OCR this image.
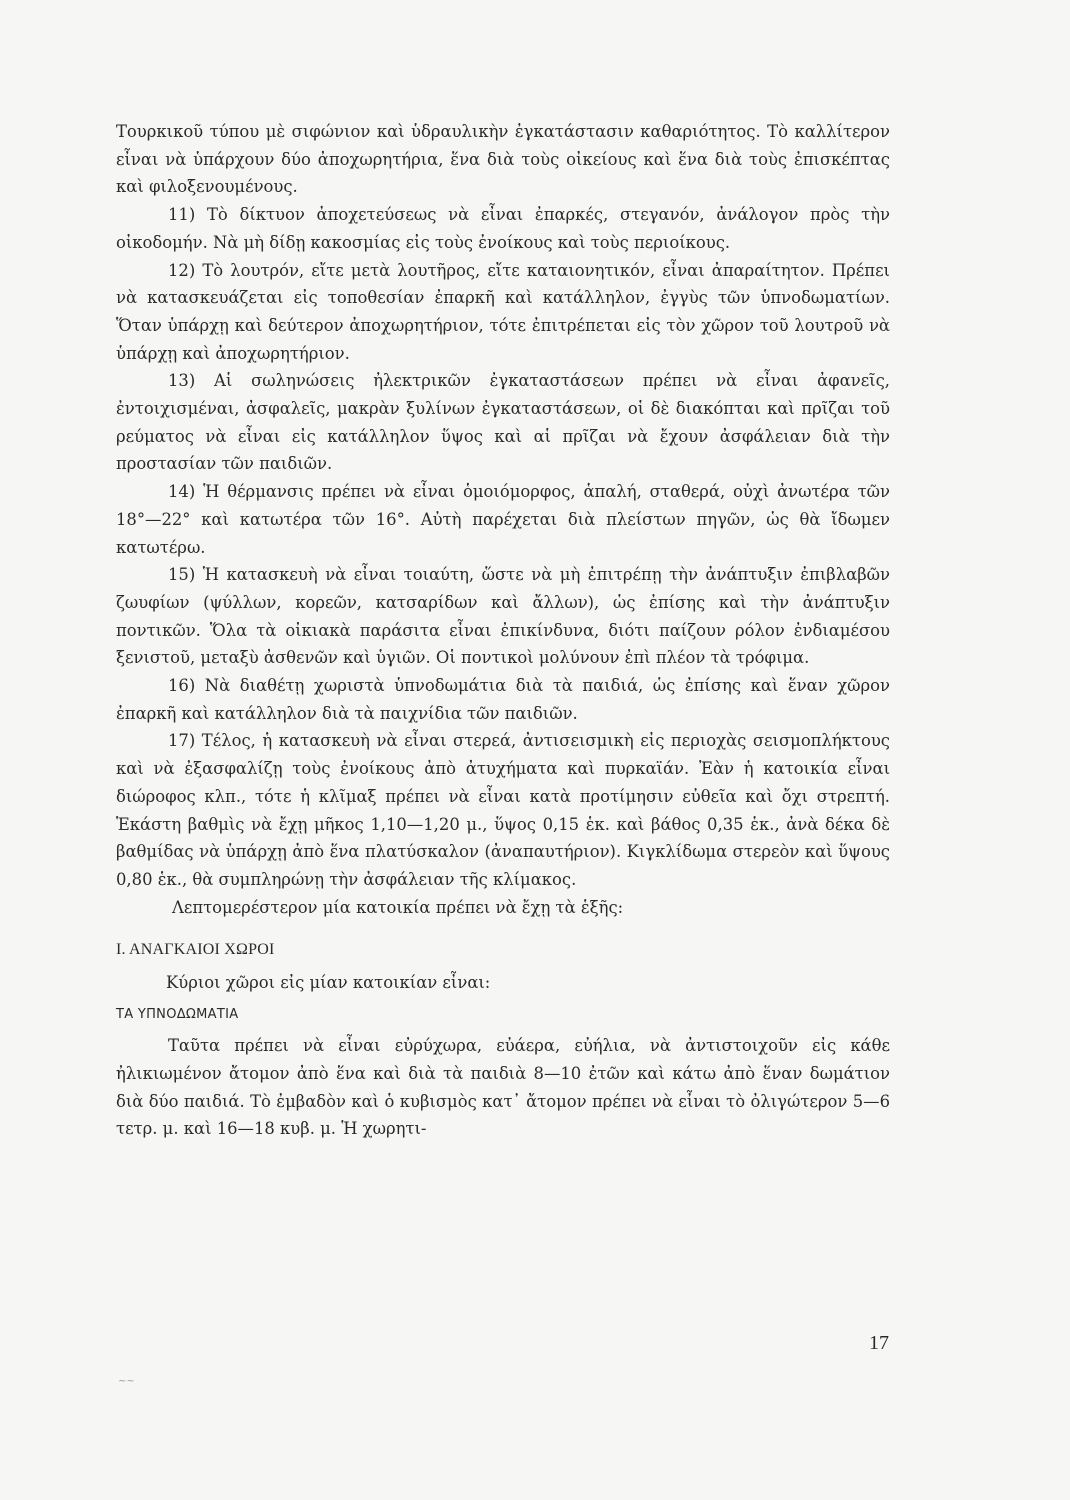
Τουρκικοῦ τύπου μὲ σιφώνιον καὶ ὑδραυλικὴν ἐγκατάστασιν καθαριότητος. Τὸ καλλίτερον εἶναι νὰ ὑπάρχουν δύο ἀποχωρητήρια, ἕνα διὰ τοὺς οἰκείους καὶ ἕνα διὰ τοὺς ἐπισκέπτας καὶ φιλοξενουμένους.

11) Τὸ δίκτυον ἀποχετεύσεως νὰ εἶναι ἐπαρκές, στεγανόν, ἀνάλογον πρὸς τὴν οἰκοδομήν. Νὰ μὴ δίδῃ κακοσμίας εἰς τοὺς ἐνοίκους καὶ τοὺς περιοίκους.

12) Τὸ λουτρόν, εἴτε μετὰ λουτῆρος, εἴτε καταιονητικόν, εἶναι ἀπαραίτητον. Πρέπει νὰ κατασκευάζεται εἰς τοποθεσίαν ἐπαρκῆ καὶ κατάλληλον, ἐγγὺς τῶν ὑπνοδωματίων. Ὅταν ὑπάρχῃ καὶ δεύτερον ἀποχωρητήριον, τότε ἐπιτρέπεται εἰς τὸν χῶρον τοῦ λουτροῦ νὰ ὑπάρχῃ καὶ ἀποχωρητήριον.

13) Αἱ σωληνώσεις ἠλεκτρικῶν ἐγκαταστάσεων πρέπει νὰ εἶναι ἀφανεῖς, ἐντοιχισμέναι, ἀσφαλεῖς, μακρὰν ξυλίνων ἐγκαταστάσεων, οἱ δὲ διακόπται καὶ πρῖζαι τοῦ ρεύματος νὰ εἶναι εἰς κατάλληλον ὕψος καὶ αἱ πρῖζαι νὰ ἔχουν ἀσφάλειαν διὰ τὴν προστασίαν τῶν παιδιῶν.

14) Ἡ θέρμανσις πρέπει νὰ εἶναι ὁμοιόμορφος, ἁπαλή, σταθερά, οὐχὶ ἀνωτέρα τῶν 18°—22° καὶ κατωτέρα τῶν 16°. Αὐτὴ παρέχεται διὰ πλείστων πηγῶν, ὡς θὰ ἴδωμεν κατωτέρω.

15) Ἡ κατασκευὴ νὰ εἶναι τοιαύτη, ὥστε νὰ μὴ ἐπιτρέπῃ τὴν ἀνάπτυξιν ἐπιβλαβῶν ζωυφίων (ψύλλων, κορεῶν, κατσαρίδων καὶ ἄλλων), ὡς ἐπίσης καὶ τὴν ἀνάπτυξιν ποντικῶν. Ὅλα τὰ οἰκιακὰ παράσιτα εἶναι ἐπικίνδυνα, διότι παίζουν ρόλον ἐνδιαμέσου ξενιστοῦ, μεταξὺ ἀσθενῶν καὶ ὑγιῶν. Οἱ ποντικοὶ μολύνουν ἐπὶ πλέον τὰ τρόφιμα.

16) Νὰ διαθέτῃ χωριστὰ ὑπνοδωμάτια διὰ τὰ παιδιά, ὡς ἐπίσης καὶ ἕναν χῶρον ἐπαρκῆ καὶ κατάλληλον διὰ τὰ παιχνίδια τῶν παιδιῶν.

17) Τέλος, ἡ κατασκευὴ νὰ εἶναι στερεά, ἀντισεισμικὴ εἰς περιοχὰς σεισμοπλήκτους καὶ νὰ ἐξασφαλίζῃ τοὺς ἐνοίκους ἀπὸ ἀτυχήματα καὶ πυρκαϊάν. Ἐὰν ἡ κατοικία εἶναι διώροφος κλπ., τότε ἡ κλῖμαξ πρέπει νὰ εἶναι κατὰ προτίμησιν εὐθεῖα καὶ ὄχι στρεπτή. Ἑκάστη βαθμὶς νὰ ἔχῃ μῆκος 1,10—1,20 μ., ὕψος 0,15 ἑκ. καὶ βάθος 0,35 ἑκ., ἀνὰ δέκα δὲ βαθμίδας νὰ ὑπάρχῃ ἀπὸ ἕνα πλατύσκαλον (ἀναπαυτήριον). Κιγκλίδωμα στερεὸν καὶ ὕψους 0,80 ἑκ., θὰ συμπληρώνῃ τὴν ἀσφάλειαν τῆς κλίμακος.

Λεπτομερέστερον μία κατοικία πρέπει νὰ ἔχῃ τὰ ἑξῆς:

Ι. ΑΝΑΓΚΑΙΟΙ ΧΩΡΟΙ

Κύριοι χῶροι εἰς μίαν κατοικίαν εἶναι:

ΤΑ ΥΠΝΟΔΩΜΑΤΙΑ

Ταῦτα πρέπει νὰ εἶναι εὐρύχωρα, εὐάερα, εὐήλια, νὰ ἀντιστοιχοῦν εἰς κάθε ἠλικιωμένον ἄτομον ἀπὸ ἕνα καὶ διὰ τὰ παιδιὰ 8—10 ἐτῶν καὶ κάτω ἀπὸ ἕναν δωμάτιον διὰ δύο παιδιά. Τὸ ἐμβαδὸν καὶ ὁ κυβισμὸς κατ᾽ ἄτομον πρέπει νὰ εἶναι τὸ ὀλιγώτερον 5—6 τετρ. μ. καὶ 16—18 κυβ. μ. Ἡ χωρητι-

17
~~
